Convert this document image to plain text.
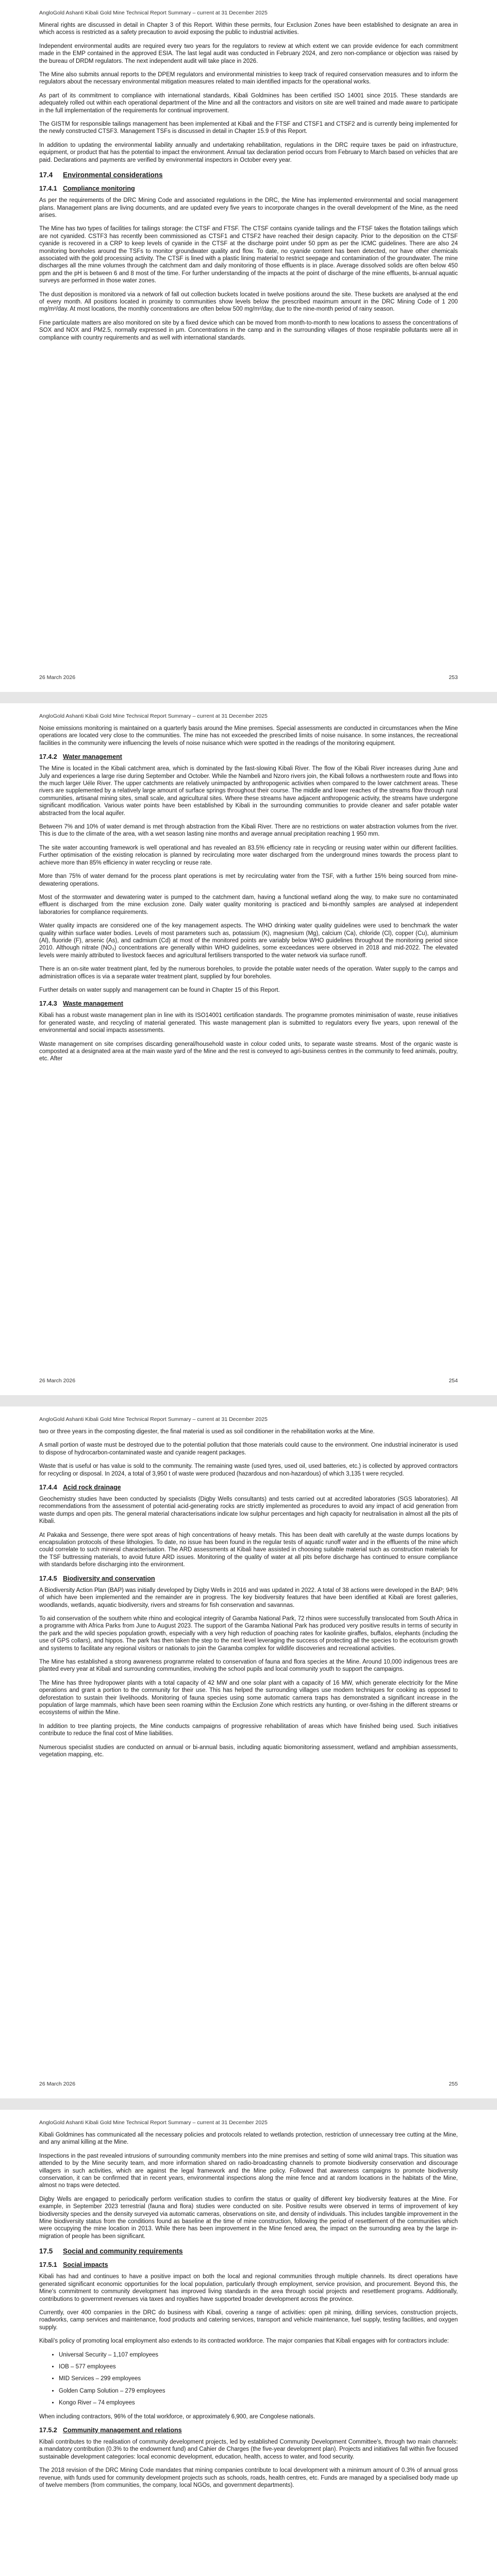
AngloGold Ashanti Kibali Gold Mine Technical Report Summary – current at 31 December 2025

Mineral rights are discussed in detail in Chapter 3 of this Report. Within these permits, four Exclusion Zones have been established to designate an area in which access is restricted as a safety precaution to avoid exposing the public to industrial activities.

Independent environmental audits are required every two years for the regulators to review at which extent we can provide evidence for each commitment made in the EMP contained in the approved ESIA. The last legal audit was conducted in February 2024, and zero non-compliance or objection was raised by the bureau of DRDM regulators. The next independent audit will take place in 2026.

The Mine also submits annual reports to the DPEM regulators and environmental ministries to keep track of required conservation measures and to inform the regulators about the necessary environmental mitigation measures related to main identified impacts for the operational works.

As part of its commitment to compliance with international standards, Kibali Goldmines has been certified ISO 14001 since 2015. These standards are adequately rolled out within each operational department of the Mine and all the contractors and visitors on site are well trained and made aware to participate in the full implementation of the requirements for continual improvement.

The GISTM for responsible tailings management has been implemented at Kibali and the FTSF and CTSF1 and CTSF2 and is currently being implemented for the newly constructed CTSF3. Management TSFs is discussed in detail in Chapter 15.9 of this Report.

In addition to updating the environmental liability annually and undertaking rehabilitation, regulations in the DRC require taxes be paid on infrastructure, equipment, or product that has the potential to impact the environment. Annual tax declaration period occurs from February to March based on vehicles that are paid. Declarations and payments are verified by environmental inspectors in October every year.

17.4 Environmental considerations
17.4.1 Compliance monitoring

As per the requirements of the DRC Mining Code and associated regulations in the DRC, the Mine has implemented environmental and social management plans. Management plans are living documents, and are updated every five years to incorporate changes in the overall development of the Mine, as the need arises.

The Mine has two types of facilities for tailings storage: the CTSF and FTSF. The CTSF contains cyanide tailings and the FTSF takes the flotation tailings which are not cyanided. CSTF3 has recently been commissioned as CTSF1 and CTSF2 have reached their design capacity. Prior to the deposition on the CTSF cyanide is recovered in a CRP to keep levels of cyanide in the CTSF at the discharge point under 50 ppm as per the ICMC guidelines. There are also 24 monitoring boreholes around the TSFs to monitor groundwater quality and flow. To date, no cyanide content has been detected, nor have other chemicals associated with the gold processing activity. The CTSF is lined with a plastic lining material to restrict seepage and contamination of the groundwater. The mine discharges all the mine volumes through the catchment dam and daily monitoring of those effluents is in place. Average dissolved solids are often below 450 ppm and the pH is between 6 and 8 most of the time. For further understanding of the impacts at the point of discharge of the mine effluents, bi-annual aquatic surveys are performed in those water zones.

The dust deposition is monitored via a network of fall out collection buckets located in twelve positions around the site. These buckets are analysed at the end of every month. All positions located in proximity to communities show levels below the prescribed maximum amount in the DRC Mining Code of 1 200 mg/m²/day. At most locations, the monthly concentrations are often below 500 mg/m²/day, due to the nine-month period of rainy season.

Fine particulate matters are also monitored on site by a fixed device which can be moved from month-to-month to new locations to assess the concentrations of SOX and NOX and PM2.5, normally expressed in µm. Concentrations in the camp and in the surrounding villages of those respirable pollutants were all in compliance with country requirements and as well with international standards.

26 March 2026	253
AngloGold Ashanti Kibali Gold Mine Technical Report Summary – current at 31 December 2025

Noise emissions monitoring is maintained on a quarterly basis around the Mine premises. Special assessments are conducted in circumstances when the Mine operations are located very close to the communities. The mine has not exceeded the prescribed limits of noise nuisance. In some instances, the recreational facilities in the community were influencing the levels of noise nuisance which were spotted in the readings of the monitoring equipment.

17.4.2 Water management

The Mine is located in the Kibali catchment area, which is dominated by the fast-slowing Kibali River. The flow of the Kibali River increases during June and July and experiences a large rise during September and October. While the Nambeli and Nzoro rivers join, the Kibali follows a northwestern route and flows into the much larger Uéle River. The upper catchments are relatively unimpacted by anthropogenic activities when compared to the lower catchment areas. These rivers are supplemented by a relatively large amount of surface springs throughout their course. The middle and lower reaches of the streams flow through rural communities, artisanal mining sites, small scale, and agricultural sites. Where these streams have adjacent anthropogenic activity, the streams have undergone significant modification. Various water points have been established by Kibali in the surrounding communities to provide cleaner and safer potable water abstracted from the local aquifer.

Between 7% and 10% of water demand is met through abstraction from the Kibali River. There are no restrictions on water abstraction volumes from the river. This is due to the climate of the area, with a wet season lasting nine months and average annual precipitation reaching 1 950 mm.

The site water accounting framework is well operational and has revealed an 83.5% efficiency rate in recycling or reusing water within our different facilities. Further optimisation of the existing relocation is planned by recirculating more water discharged from the underground mines towards the process plant to achieve more than 85% efficiency in water recycling or reuse rate.

More than 75% of water demand for the process plant operations is met by recirculating water from the TSF, with a further 15% being sourced from mine-dewatering operations.

Most of the stormwater and dewatering water is pumped to the catchment dam, having a functional wetland along the way, to make sure no contaminated effluent is discharged from the mine exclusion zone. Daily water quality monitoring is practiced and bi-monthly samples are analysed at independent laboratories for compliance requirements.

Water quality impacts are considered one of the key management aspects. The WHO drinking water quality guidelines were used to benchmark the water quality within surface water bodies. Levels of most parameters such as, potassium (K), magnesium (Mg), calcium (Ca), chloride (Cl), copper (Cu), aluminium (Al), fluoride (F), arsenic (As), and cadmium (Cd) at most of the monitored points are variably below WHO guidelines throughout the monitoring period since 2010. Although nitrate (NO₃) concentrations are generally within WHO guidelines, some exceedances were observed in 2018 and mid-2022. The elevated levels were mainly attributed to livestock faeces and agricultural fertilisers transported to the water network via surface runoff.

There is an on-site water treatment plant, fed by the numerous boreholes, to provide the potable water needs of the operation. Water supply to the camps and administration offices is via a separate water treatment plant, supplied by four boreholes.

Further details on water supply and management can be found in Chapter 15 of this Report.

17.4.3 Waste management

Kibali has a robust waste management plan in line with its ISO14001 certification standards. The programme promotes minimisation of waste, reuse initiatives for generated waste, and recycling of material generated. This waste management plan is submitted to regulators every five years, upon renewal of the environmental and social impacts assessments.

Waste management on site comprises discarding general/household waste in colour coded units, to separate waste streams. Most of the organic waste is composted at a designated area at the main waste yard of the Mine and the rest is conveyed to agri-business centres in the community to feed animals, poultry, etc. After

26 March 2026	254
AngloGold Ashanti Kibali Gold Mine Technical Report Summary – current at 31 December 2025

two or three years in the composting digester, the final material is used as soil conditioner in the rehabilitation works at the Mine.

A small portion of waste must be destroyed due to the potential pollution that those materials could cause to the environment. One industrial incinerator is used to dispose of hydrocarbon-contaminated waste and cyanide reagent packages.

Waste that is useful or has value is sold to the community. The remaining waste (used tyres, used oil, used batteries, etc.) is collected by approved contractors for recycling or disposal. In 2024, a total of 3,950 t of waste were produced (hazardous and non-hazardous) of which 3,135 t were recycled.

17.4.4 Acid rock drainage

Geochemistry studies have been conducted by specialists (Digby Wells consultants) and tests carried out at accredited laboratories (SGS laboratories). All recommendations from the assessment of potential acid-generating rocks are strictly implemented as procedures to avoid any impact of acid generation from waste dumps and open pits. The general material characterisations indicate low sulphur percentages and high capacity for neutralisation in almost all the pits of Kibali.

At Pakaka and Sessenge, there were spot areas of high concentrations of heavy metals. This has been dealt with carefully at the waste dumps locations by encapsulation protocols of these lithologies. To date, no issue has been found in the regular tests of aquatic runoff water and in the effluents of the mine which could correlate to such mineral characterisation. The ARD assessments at Kibali have assisted in choosing suitable material such as construction materials for the TSF buttressing materials, to avoid future ARD issues. Monitoring of the quality of water at all pits before discharge has continued to ensure compliance with standards before discharging into the environment.

17.4.5 Biodiversity and conservation

A Biodiversity Action Plan (BAP) was initially developed by Digby Wells in 2016 and was updated in 2022. A total of 38 actions were developed in the BAP; 94% of which have been implemented and the remainder are in progress. The key biodiversity features that have been identified at Kibali are forest galleries, woodlands, wetlands, aquatic biodiversity, rivers and streams for fish conservation and savannas.

To aid conservation of the southern white rhino and ecological integrity of Garamba National Park, 72 rhinos were successfully translocated from South Africa in a programme with Africa Parks from June to August 2023. The support of the Garamba National Park has produced very positive results in terms of security in the park and the wild species population growth, especially with a very high reduction of poaching rates for kaolinite giraffes, buffalos, elephants (including the use of GPS collars), and hippos. The park has then taken the step to the next level leveraging the success of protecting all the species to the ecotourism growth and systems to facilitate any regional visitors or nationals to join the Garamba complex for wildlife discoveries and recreational activities.

The Mine has established a strong awareness programme related to conservation of fauna and flora species at the Mine. Around 10,000 indigenous trees are planted every year at Kibali and surrounding communities, involving the school pupils and local community youth to support the campaigns.

The Mine has three hydropower plants with a total capacity of 42 MW and one solar plant with a capacity of 16 MW, which generate electricity for the Mine operations and grant a portion to the community for their use. This has helped the surrounding villages use modern techniques for cooking as opposed to deforestation to sustain their livelihoods. Monitoring of fauna species using some automatic camera traps has demonstrated a significant increase in the population of large mammals, which have been seen roaming within the Exclusion Zone which restricts any hunting, or over-fishing in the different streams or ecosystems of within the Mine.

In addition to tree planting projects, the Mine conducts campaigns of progressive rehabilitation of areas which have finished being used. Such initiatives contribute to reduce the final cost of Mine liabilities.

Numerous specialist studies are conducted on annual or bi-annual basis, including aquatic biomonitoring assessment, wetland and amphibian assessments, vegetation mapping, etc.

26 March 2026	255
AngloGold Ashanti Kibali Gold Mine Technical Report Summary – current at 31 December 2025

Kibali Goldmines has communicated all the necessary policies and protocols related to wetlands protection, restriction of unnecessary tree cutting at the Mine, and any animal killing at the Mine.

Inspections in the past revealed intrusions of surrounding community members into the mine premises and setting of some wild animal traps. This situation was attended to by the Mine security team, and more information shared on radio-broadcasting channels to promote biodiversity conservation and discourage villagers in such activities, which are against the legal framework and the Mine policy. Followed that awareness campaigns to promote biodiversity conservation, it can be confirmed that in recent years, environmental inspections along the mine fence and at random locations in the habitats of the Mine, almost no traps were detected.

Digby Wells are engaged to periodically perform verification studies to confirm the status or quality of different key biodiversity features at the Mine. For example, in September 2023 terrestrial (fauna and flora) studies were conducted on site. Positive results were observed in terms of improvement of key biodiversity species and the density surveyed via automatic cameras, observations on site, and density of individuals. This includes tangible improvement in the Mine biodiversity status from the conditions found as baseline at the time of mine construction, following the period of resettlement of the communities which were occupying the mine location in 2013. While there has been improvement in the Mine fenced area, the impact on the surrounding area by the large in-migration of people has been significant.

17.5 Social and community requirements
17.5.1 Social impacts

Kibali has had and continues to have a positive impact on both the local and regional communities through multiple channels. Its direct operations have generated significant economic opportunities for the local population, particularly through employment, service provision, and procurement. Beyond this, the Mine's commitment to community development has improved living standards in the area through social projects and resettlement programs. Additionally, contributions to government revenues via taxes and royalties have supported broader development across the province.

Currently, over 400 companies in the DRC do business with Kibali, covering a range of activities: open pit mining, drilling services, construction projects, roadworks, camp services and maintenance, food products and catering services, transport and vehicle maintenance, fuel supply, testing facilities, and oxygen supply.

Kibali's policy of promoting local employment also extends to its contracted workforce. The major companies that Kibali engages with for contractors include:

• Universal Security – 1,107 employees
• IOB – 577 employees
• MID Services – 299 employees
• Golden Camp Solution – 279 employees
• Kongo River – 74 employees

When including contractors, 96% of the total workforce, or approximately 6,900, are Congolese nationals.

17.5.2 Community management and relations

Kibali contributes to the realisation of community development projects, led by established Community Development Committee's, through two main channels: a mandatory contribution (0.3% to the endowment fund) and Cahier de Charges (the five-year development plan). Projects and initiatives fall within five focused sustainable development categories: local economic development, education, health, access to water, and food security.

The 2018 revision of the DRC Mining Code mandates that mining companies contribute to local development with a minimum amount of 0.3% of annual gross revenue, with funds used for community development projects such as schools, roads, health centres, etc. Funds are managed by a specialised body made up of twelve members (from communities, the company, local NGOs, and government departments).
